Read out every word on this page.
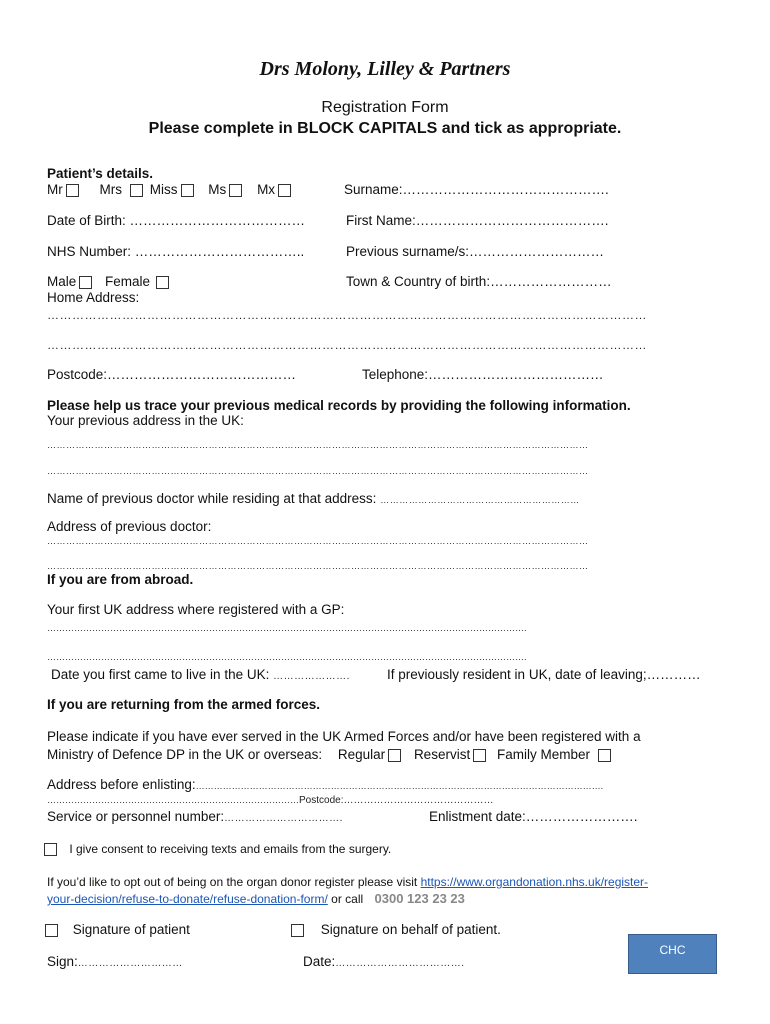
Drs Molony, Lilley & Partners
Registration Form
Please complete in BLOCK CAPITALS and tick as appropriate.
Patient’s details.
Mr	Mrs Miss Ms Mx	Surname:……………………………………….
Date of Birth: …………………………………	First Name:…………………………………….
NHS Number: ………………………………..	Previous surname/s:…………………………
Male Female	Town & Country of birth:………………………
Home Address:
………………………………………………………………………………………………………………………………
………………………………………………………………………………………………………………………………
Postcode:……………………………………	Telephone:…………………………………
Please help us trace your previous medical records by providing the following information.
Your previous address in the UK:
………………………………………………………………………………………………………………………………………………………
………………………………………………………………………………………………………………………………………………………
Name of previous doctor while residing at that address: ………………………………………………………
Address of previous doctor:
………………………………………………………………………………………………………………………………………………………
………………………………………………………………………………………………………………………………………………………
If you are from abroad.
Your first UK address where registered with a GP:
…………………………………………………………………………………………………………………………………………….
…………………………………………………………………………………………………………………………………………….
Date you first came to live in the UK: ………………….	If previously resident in UK, date of leaving;…………
If you are returning from the armed forces.
Please indicate if you have ever served in the UK Armed Forces and/or have been registered with a
Ministry of Defence DP in the UK or overseas: Regular Reservist Family Member
Address before enlisting:……………………………………………………………………………………………………………………….
…………………………………………………………………………Postcode:………………………………………
Service or personnel number:…………………………….	Enlistment date:…………………….
I give consent to receiving texts and emails from the surgery.
If you’d like to opt out of being on the organ donor register please visit https://www.organdonation.nhs.uk/register-
your-decision/refuse-to-donate/refuse-donation-form/ or call 0300 123 23 23
Signature of patient	Signature on behalf of patient.
Sign:…………………………	Date:……………………………….
CHC
